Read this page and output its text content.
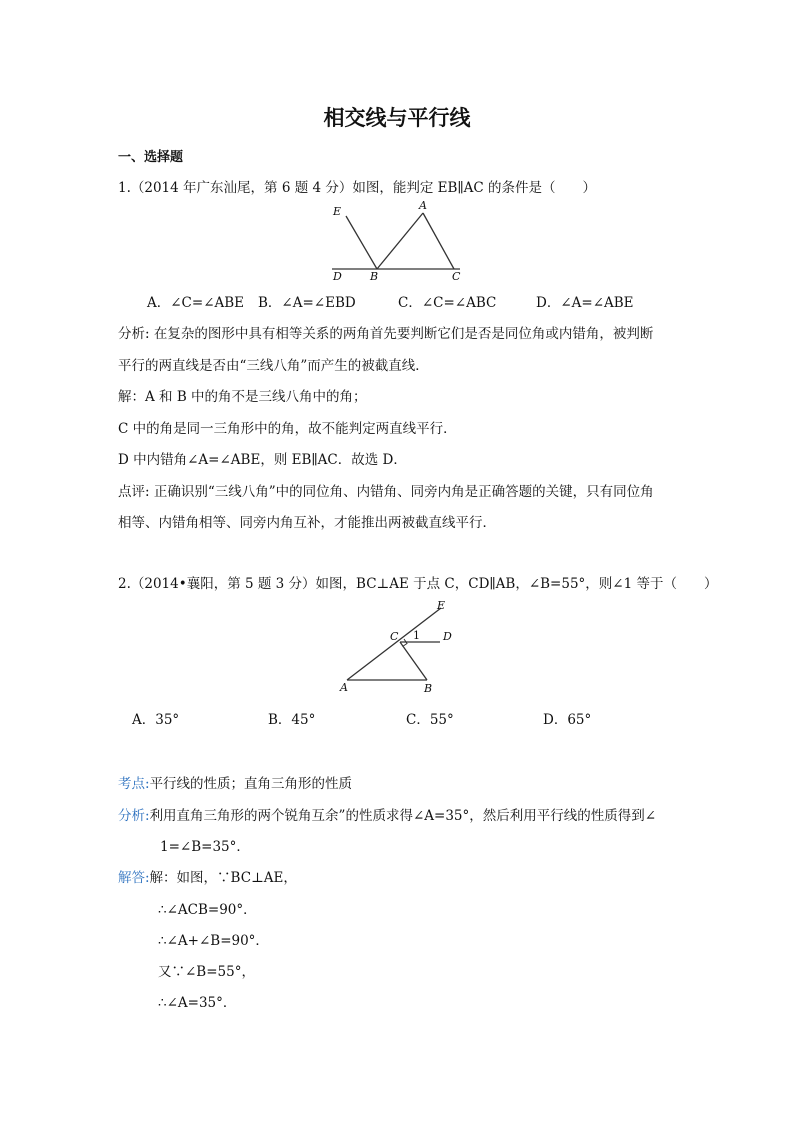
相交线与平行线
一、选择题
1.（2014 年广东汕尾，第 6 题 4 分）如图，能判定 EB∥AC 的条件是（　　）
E	A
D	B	C
A．∠C=∠ABE B．∠A=∠EBD	C．∠C=∠ABC	D．∠A=∠ABE
分析: 在复杂的图形中具有相等关系的两角首先要判断它们是否是同位角或内错角，被判断
平行的两直线是否由“三线八角”而产生的被截直线．
解：A 和 B 中的角不是三线八角中的角；
C 中的角是同一三角形中的角，故不能判定两直线平行．
D 中内错角∠A=∠ABE，则 EB∥AC．故选 D．
点评: 正确识别“三线八角”中的同位角、内错角、同旁内角是正确答题的关键，只有同位角
相等、内错角相等、同旁内角互补，才能推出两被截直线平行．
2.（2014•襄阳，第 5 题 3 分）如图，BC⊥AE 于点 C，CD∥AB，∠B=55°，则∠1 等于（　　）
E
C 1 D
A	B
A．35°	B．45°	C．55°	D．65°
考点:平行线的性质；直角三角形的性质
分析:利用直角三角形的两个锐角互余”的性质求得∠A=35°，然后利用平行线的性质得到∠
1=∠B=35°．
解答:解：如图，∵BC⊥AE，
∴∠ACB=90°．
∴∠A+∠B=90°．
又∵∠B=55°，
∴∠A=35°．
